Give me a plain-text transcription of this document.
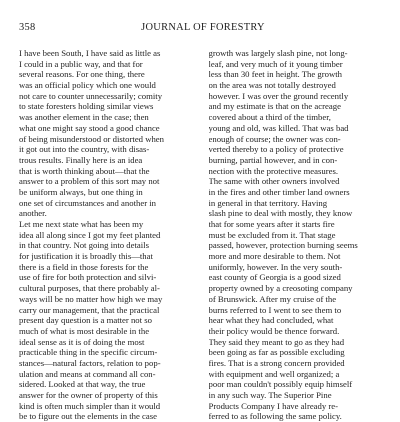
358	JOURNAL OF FORESTRY
I have been South, I have said as little as
I could in a public way, and that for
several reasons. For one thing, there
was an official policy which one would
not care to counter unnecessarily; comity
to state foresters holding similar views
was another element in the case; then
what one might say stood a good chance
of being misunderstood or distorted when
it got out into the country, with disas-
trous results. Finally here is an idea
that is worth thinking about—that the
answer to a problem of this sort may not
be uniform always, but one thing in
one set of circumstances and another in
another.
Let me next state what has been my
idea all along since I got my feet planted
in that country. Not going into details
for justification it is broadly this—that
there is a field in those forests for the
use of fire for both protection and silvi-
cultural purposes, that there probably al-
ways will be no matter how high we may
carry our management, that the practical
present day question is a matter not so
much of what is most desirable in the
ideal sense as it is of doing the most
practicable thing in the specific circum-
stances—natural factors, relation to pop-
ulation and means at command all con-
sidered. Looked at that way, the true
answer for the owner of property of this
kind is often much simpler than it would
be to figure out the elements in the case
growth was largely slash pine, not long-
leaf, and very much of it young timber
less than 30 feet in height. The growth
on the area was not totally destroyed
however. I was over the ground recently
and my estimate is that on the acreage
covered about a third of the timber,
young and old, was killed. That was bad
enough of course; the owner was con-
verted thereby to a policy of protective
burning, partial however, and in con-
nection with the protective measures.
The same with other owners involved
in the fires and other timber land owners
in general in that territory. Having
slash pine to deal with mostly, they know
that for some years after it starts fire
must be excluded from it. That stage
passed, however, protection burning seems
more and more desirable to them. Not
uniformly, however. In the very south-
east county of Georgia is a good sized
property owned by a creosoting company
of Brunswick. After my cruise of the
burns referred to I went to see them to
hear what they had concluded, what
their policy would be thence forward.
They said they meant to go as they had
been going as far as possible excluding
fires. That is a strong concern provided
with equipment and well organized; a
poor man couldn't possibly equip himself
in any such way. The Superior Pine
Products Company I have already re-
ferred to as following the same policy.
